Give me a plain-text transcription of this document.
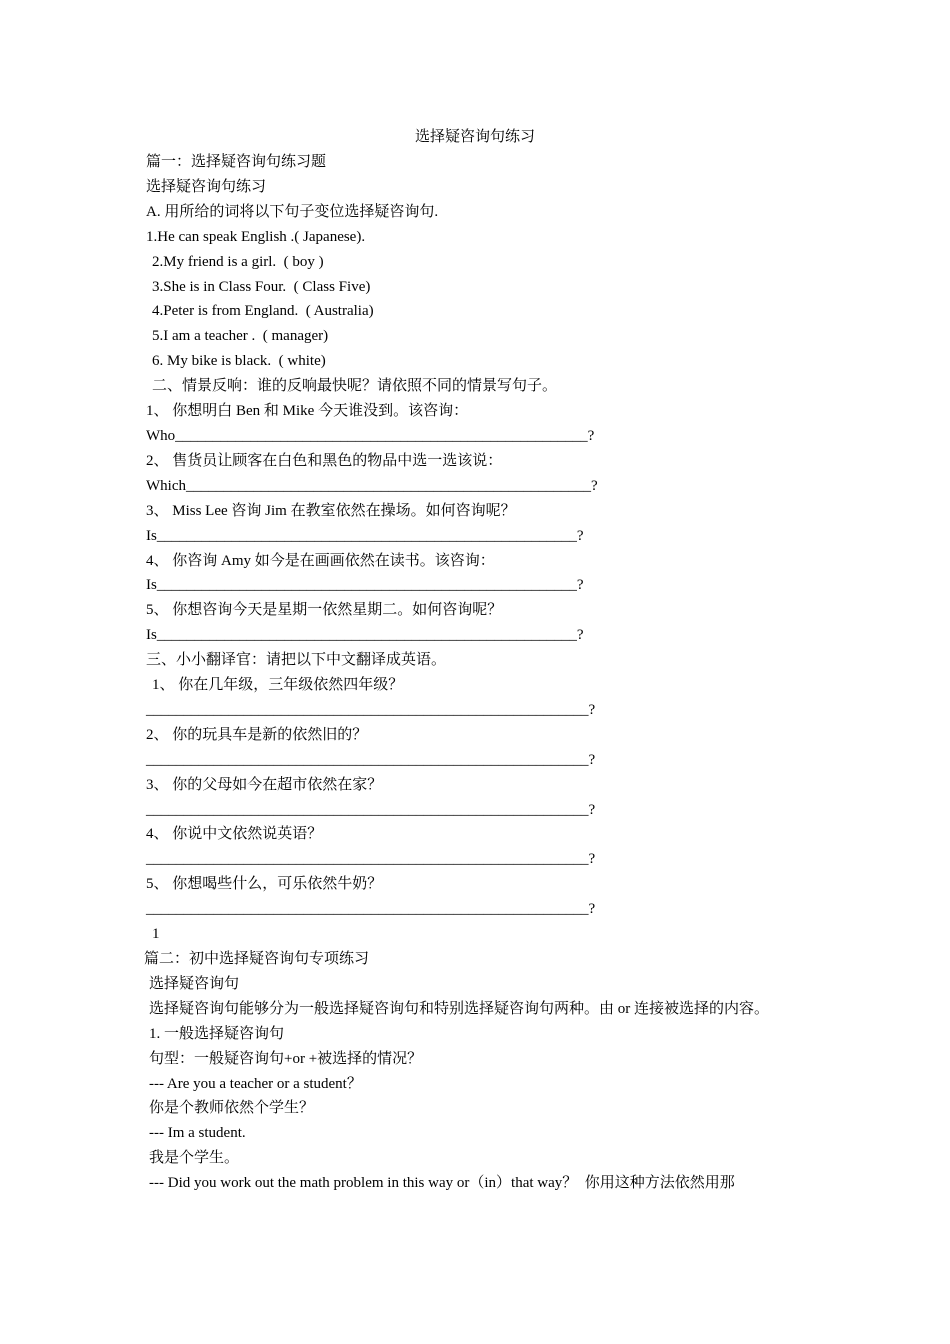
选择疑咨询句练习
篇一：选择疑咨询句练习题
选择疑咨询句练习
A. 用所给的词将以下句子变位选择疑咨询句.
1.He can speak English .( Japanese).
2.My friend is a girl.  ( boy )
3.She is in Class Four.  ( Class Five)
4.Peter is from England.  ( Australia)
5.I am a teacher .  ( manager)
6. My bike is black.  ( white)
二、情景反响：谁的反响最快呢？请依照不同的情景写句子。
1、 你想明白 Ben 和 Mike 今天谁没到。该咨询：
Who_______________________________________________________?
2、 售货员让顾客在白色和黑色的物品中选一选该说：
Which______________________________________________________?
3、 Miss Lee 咨询 Jim 在教室依然在操场。如何咨询呢？
Is________________________________________________________?
4、 你咨询 Amy 如今是在画画依然在读书。该咨询：
Is________________________________________________________?
5、 你想咨询今天是星期一依然星期二。如何咨询呢？
Is________________________________________________________?
三、小小翻译官：请把以下中文翻译成英语。
1、 你在几年级，三年级依然四年级？
___________________________________________________________?
2、 你的玩具车是新的依然旧的？
___________________________________________________________?
3、 你的父母如今在超市依然在家？
___________________________________________________________?
4、 你说中文依然说英语？
___________________________________________________________?
5、 你想喝些什么，可乐依然牛奶？
___________________________________________________________?
1
篇二：初中选择疑咨询句专项练习
选择疑咨询句
选择疑咨询句能够分为一般选择疑咨询句和特别选择疑咨询句两种。由 or 连接被选择的内容。
1. 一般选择疑咨询句
句型：一般疑咨询句+or +被选择的情况？
--- Are you a teacher or a student？
你是个教师依然个学生？
--- Im a student.
我是个学生。
--- Did you work out the math problem in this way or（in）that way？  你用这种方法依然用那
